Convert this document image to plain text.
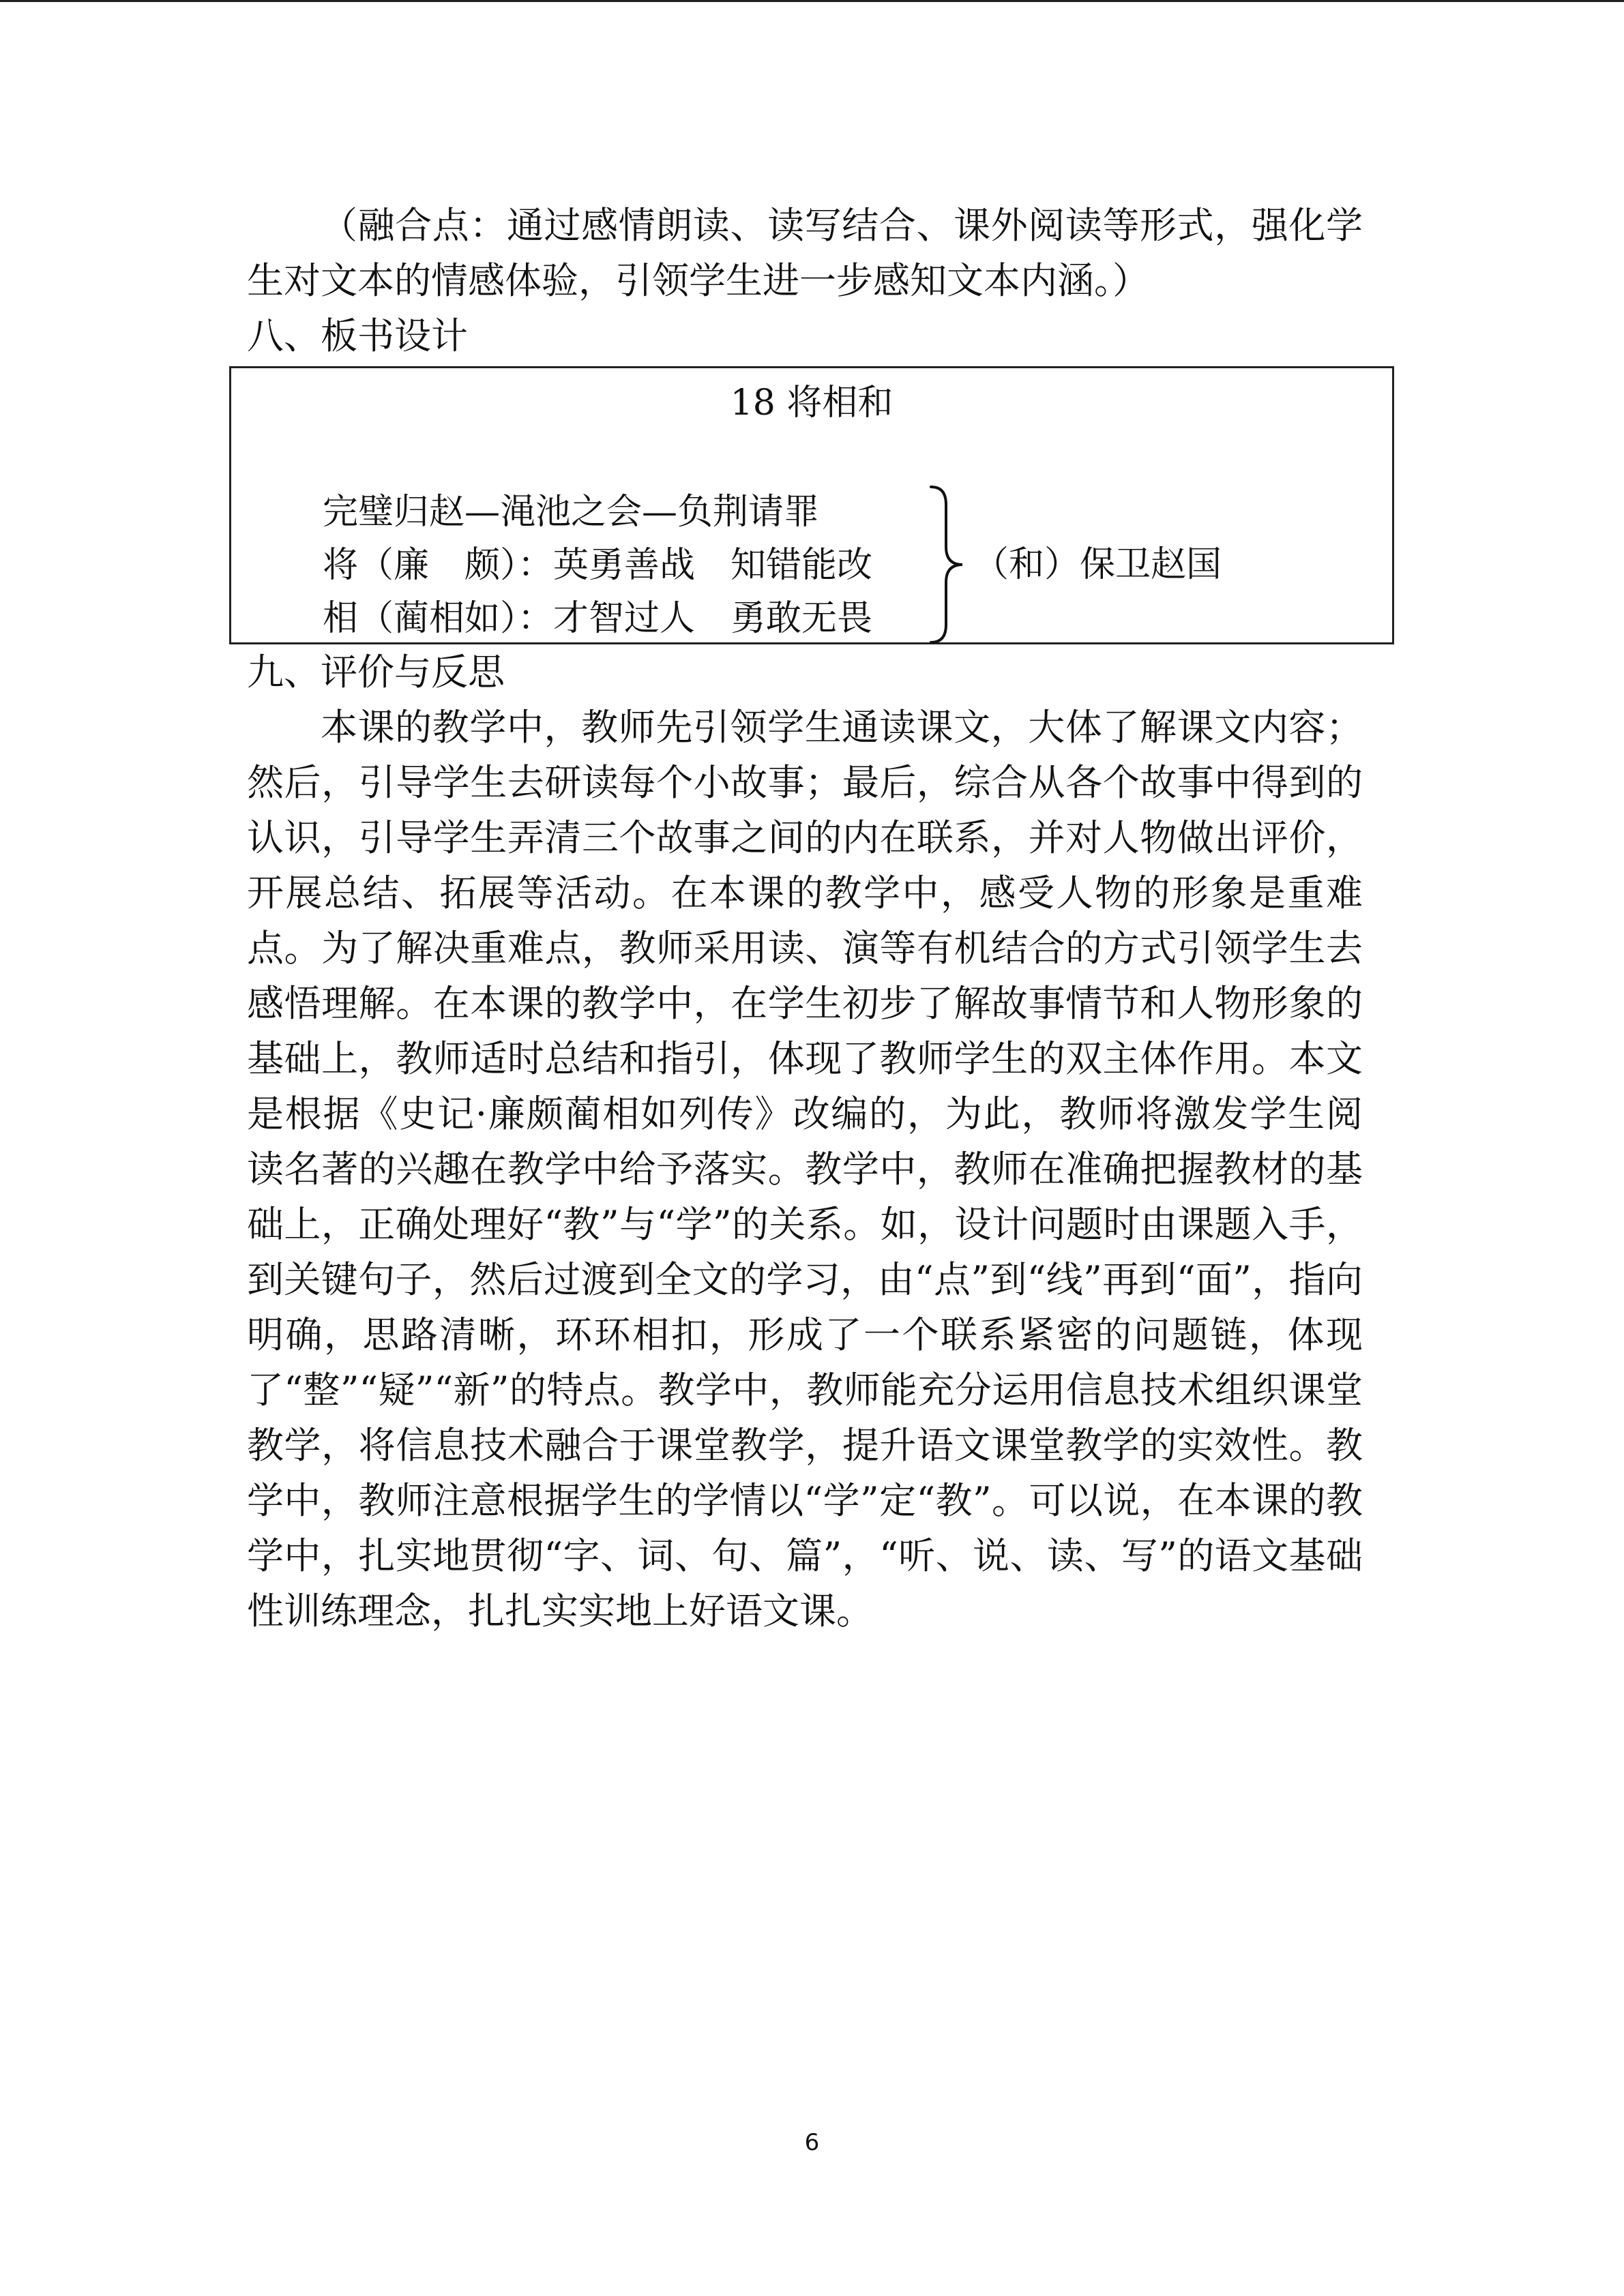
（融合点：通过感情朗读、读写结合、课外阅读等形式，强化学生对文本的情感体验，引领学生进一步感知文本内涵。）

八、板书设计

18 将相和
完璧归赵—渑池之会—负荆请罪
将（廉　颇）：英勇善战　知错能改
相（蔺相如）：才智过人　勇敢无畏
（和）保卫赵国

九、评价与反思

本课的教学中，教师先引领学生通读课文，大体了解课文内容；然后，引导学生去研读每个小故事；最后，综合从各个故事中得到的认识，引导学生弄清三个故事之间的内在联系，并对人物做出评价，开展总结、拓展等活动。在本课的教学中，感受人物的形象是重难点。为了解决重难点，教师采用读、演等有机结合的方式引领学生去感悟理解。在本课的教学中，在学生初步了解故事情节和人物形象的基础上，教师适时总结和指引，体现了教师学生的双主体作用。本文是根据《史记·廉颇蔺相如列传》改编的，为此，教师将激发学生阅读名著的兴趣在教学中给予落实。教学中，教师在准确把握教材的基础上，正确处理好“教”与“学”的关系。如，设计问题时由课题入手，到关键句子，然后过渡到全文的学习，由“点”到“线”再到“面”，指向明确，思路清晰，环环相扣，形成了一个联系紧密的问题链，体现了“整”“疑”“新”的特点。教学中，教师能充分运用信息技术组织课堂教学，将信息技术融合于课堂教学，提升语文课堂教学的实效性。教学中，教师注意根据学生的学情以“学”定“教”。可以说，在本课的教学中，扎实地贯彻“字、词、句、篇”，“听、说、读、写”的语文基础性训练理念，扎扎实实地上好语文课。

6
